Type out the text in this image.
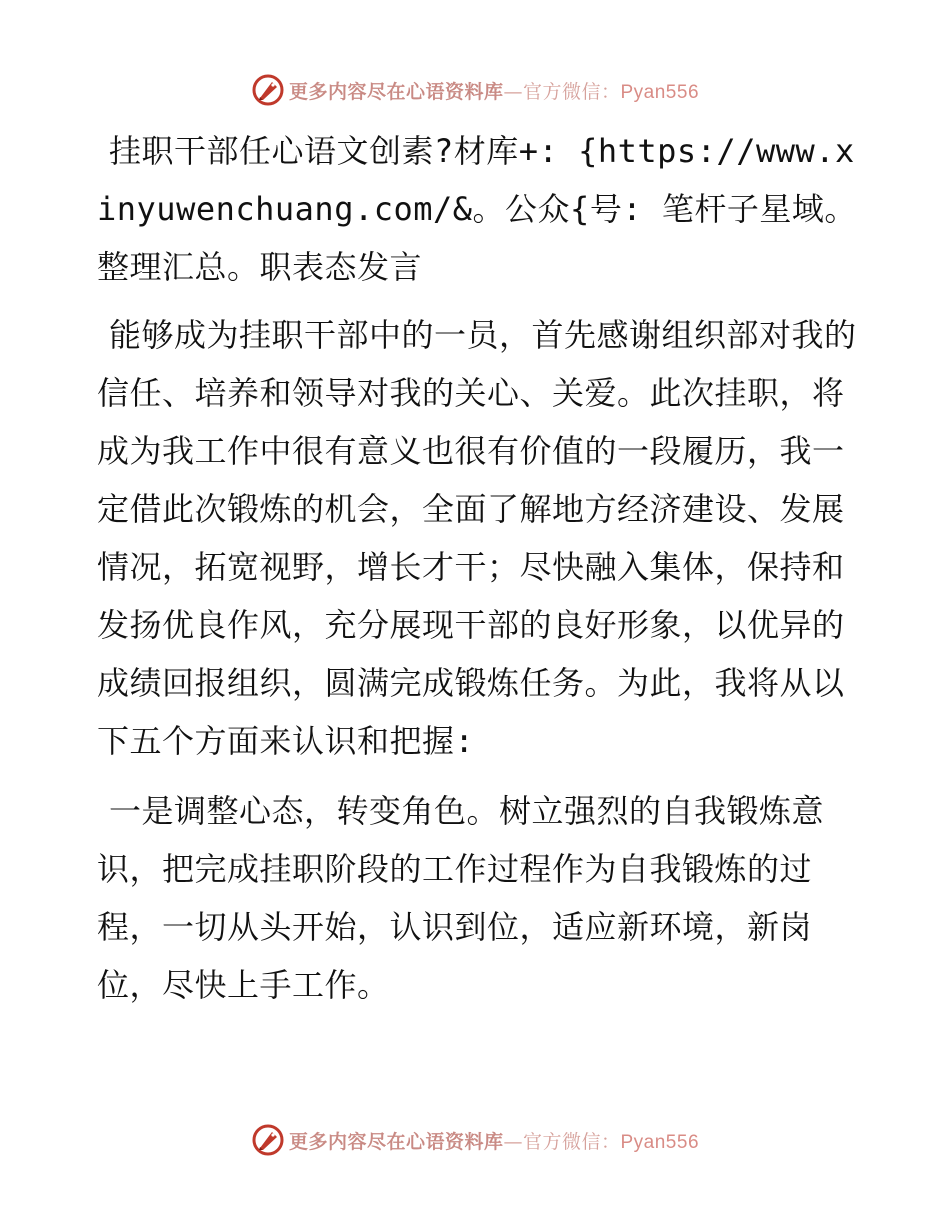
更多内容尽在心语资料库—官方微信：Pyan556

挂职干部任心语文创素?材库+: {https://www.xinyuwenchuang.com/&。公众{号: 笔杆子星域。整理汇总。职表态发言

能够成为挂职干部中的一员，首先感谢组织部对我的信任、培养和领导对我的关心、关爱。此次挂职，将成为我工作中很有意义也很有价值的一段履历，我一定借此次锻炼的机会，全面了解地方经济建设、发展情况，拓宽视野，增长才干；尽快融入集体，保持和发扬优良作风，充分展现干部的良好形象，以优异的成绩回报组织，圆满完成锻炼任务。为此，我将从以下五个方面来认识和把握:

一是调整心态，转变角色。树立强烈的自我锻炼意识，把完成挂职阶段的工作过程作为自我锻炼的过程，一切从头开始，认识到位，适应新环境，新岗位，尽快上手工作。

更多内容尽在心语资料库—官方微信：Pyan556
